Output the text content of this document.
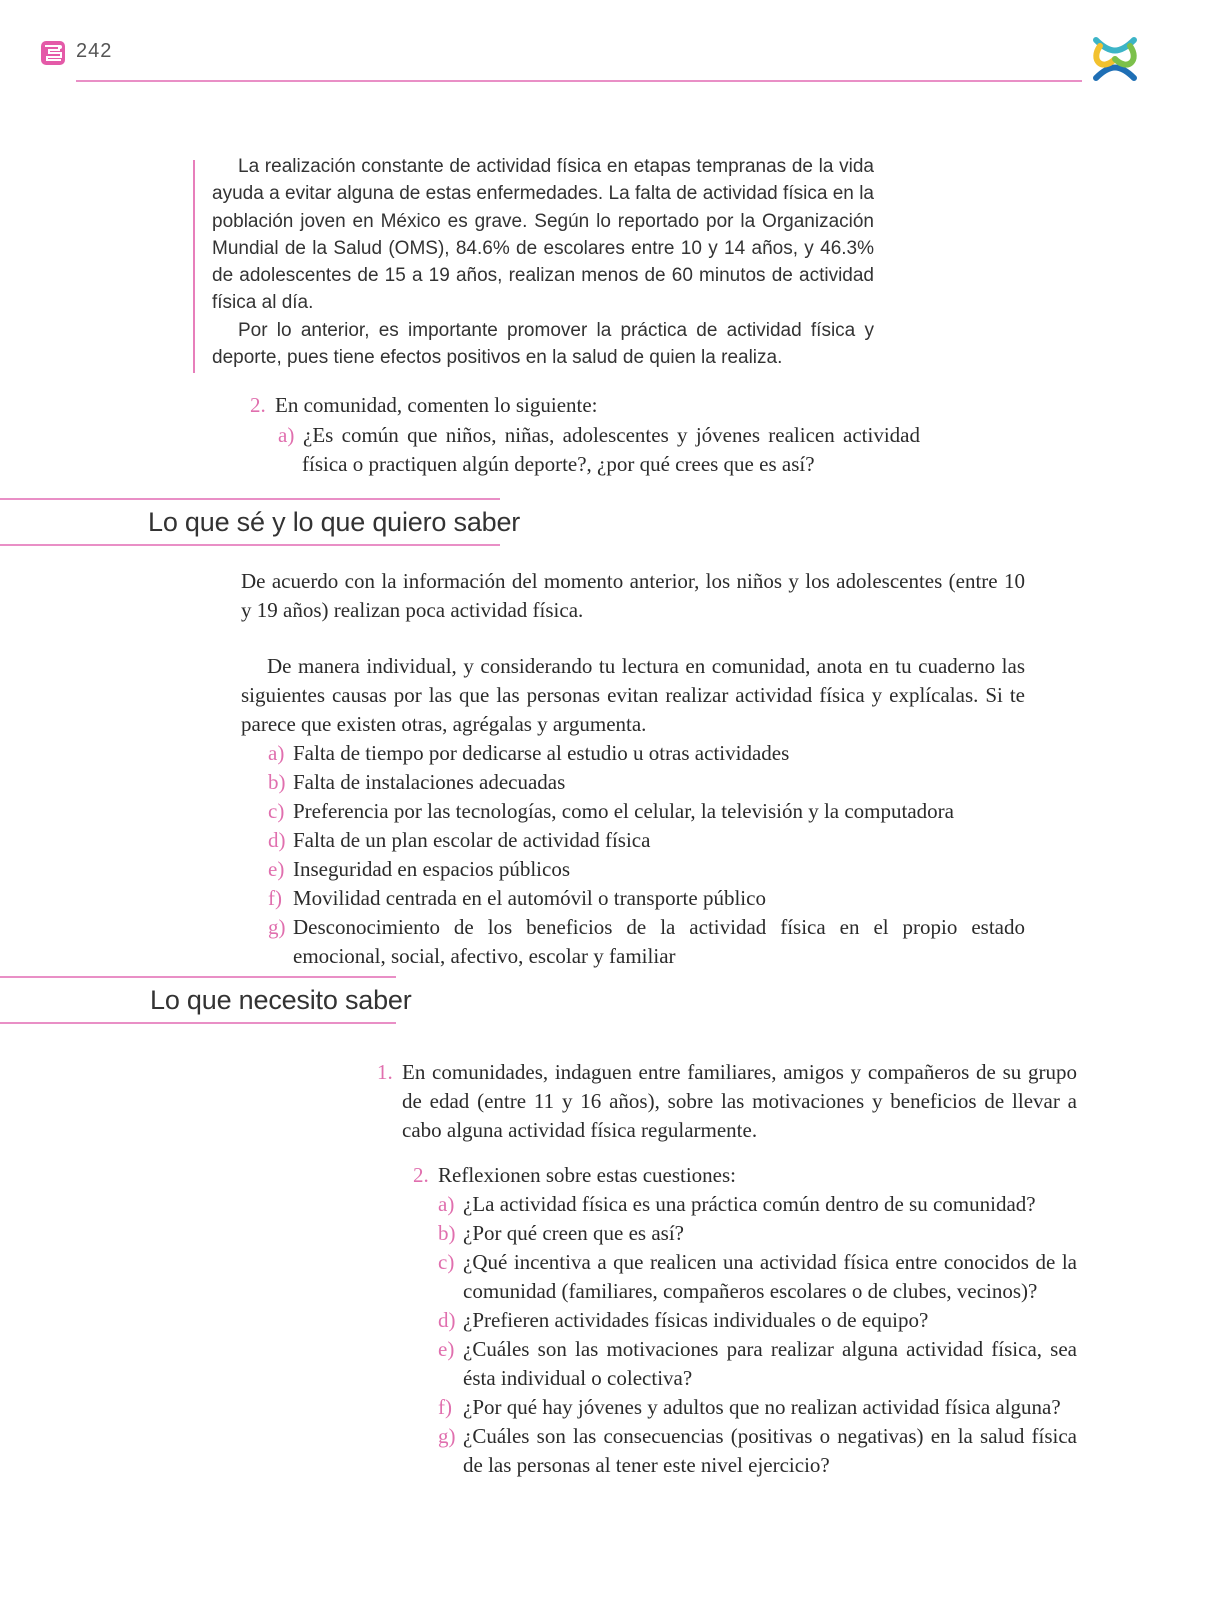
242

La realización constante de actividad física en etapas tempranas de la vida ayuda a evitar alguna de estas enfermedades. La falta de actividad física en la población joven en México es grave. Según lo reportado por la Organización Mundial de la Salud (OMS), 84.6% de escolares entre 10 y 14 años, y 46.3% de adolescentes de 15 a 19 años, realizan menos de 60 minutos de actividad física al día.

Por lo anterior, es importante promover la práctica de actividad física y deporte, pues tiene efectos positivos en la salud de quien la realiza.

2. En comunidad, comenten lo siguiente:
a) ¿Es común que niños, niñas, adolescentes y jóvenes realicen actividad física o practiquen algún deporte?, ¿por qué crees que es así?
Lo que sé y lo que quiero saber

De acuerdo con la información del momento anterior, los niños y los adolescentes (entre 10 y 19 años) realizan poca actividad física.

De manera individual, y considerando tu lectura en comunidad, anota en tu cuaderno las siguientes causas por las que las personas evitan realizar actividad física y explícalas. Si te parece que existen otras, agrégalas y argumenta.

a) Falta de tiempo por dedicarse al estudio u otras actividades
b) Falta de instalaciones adecuadas
c) Preferencia por las tecnologías, como el celular, la televisión y la computadora
d) Falta de un plan escolar de actividad física
e) Inseguridad en espacios públicos
f) Movilidad centrada en el automóvil o transporte público
g) Desconocimiento de los beneficios de la actividad física en el propio estado emocional, social, afectivo, escolar y familiar
Lo que necesito saber
1. En comunidades, indaguen entre familiares, amigos y compañeros de su grupo de edad (entre 11 y 16 años), sobre las motivaciones y beneficios de llevar a cabo alguna actividad física regularmente.
2. Reflexionen sobre estas cuestiones:
a) ¿La actividad física es una práctica común dentro de su comunidad?
b) ¿Por qué creen que es así?
c) ¿Qué incentiva a que realicen una actividad física entre conocidos de la comunidad (familiares, compañeros escolares o de clubes, vecinos)?
d) ¿Prefieren actividades físicas individuales o de equipo?
e) ¿Cuáles son las motivaciones para realizar alguna actividad física, sea ésta individual o colectiva?
f) ¿Por qué hay jóvenes y adultos que no realizan actividad física alguna?
g) ¿Cuáles son las consecuencias (positivas o negativas) en la salud física de las personas al tener este nivel ejercicio?
